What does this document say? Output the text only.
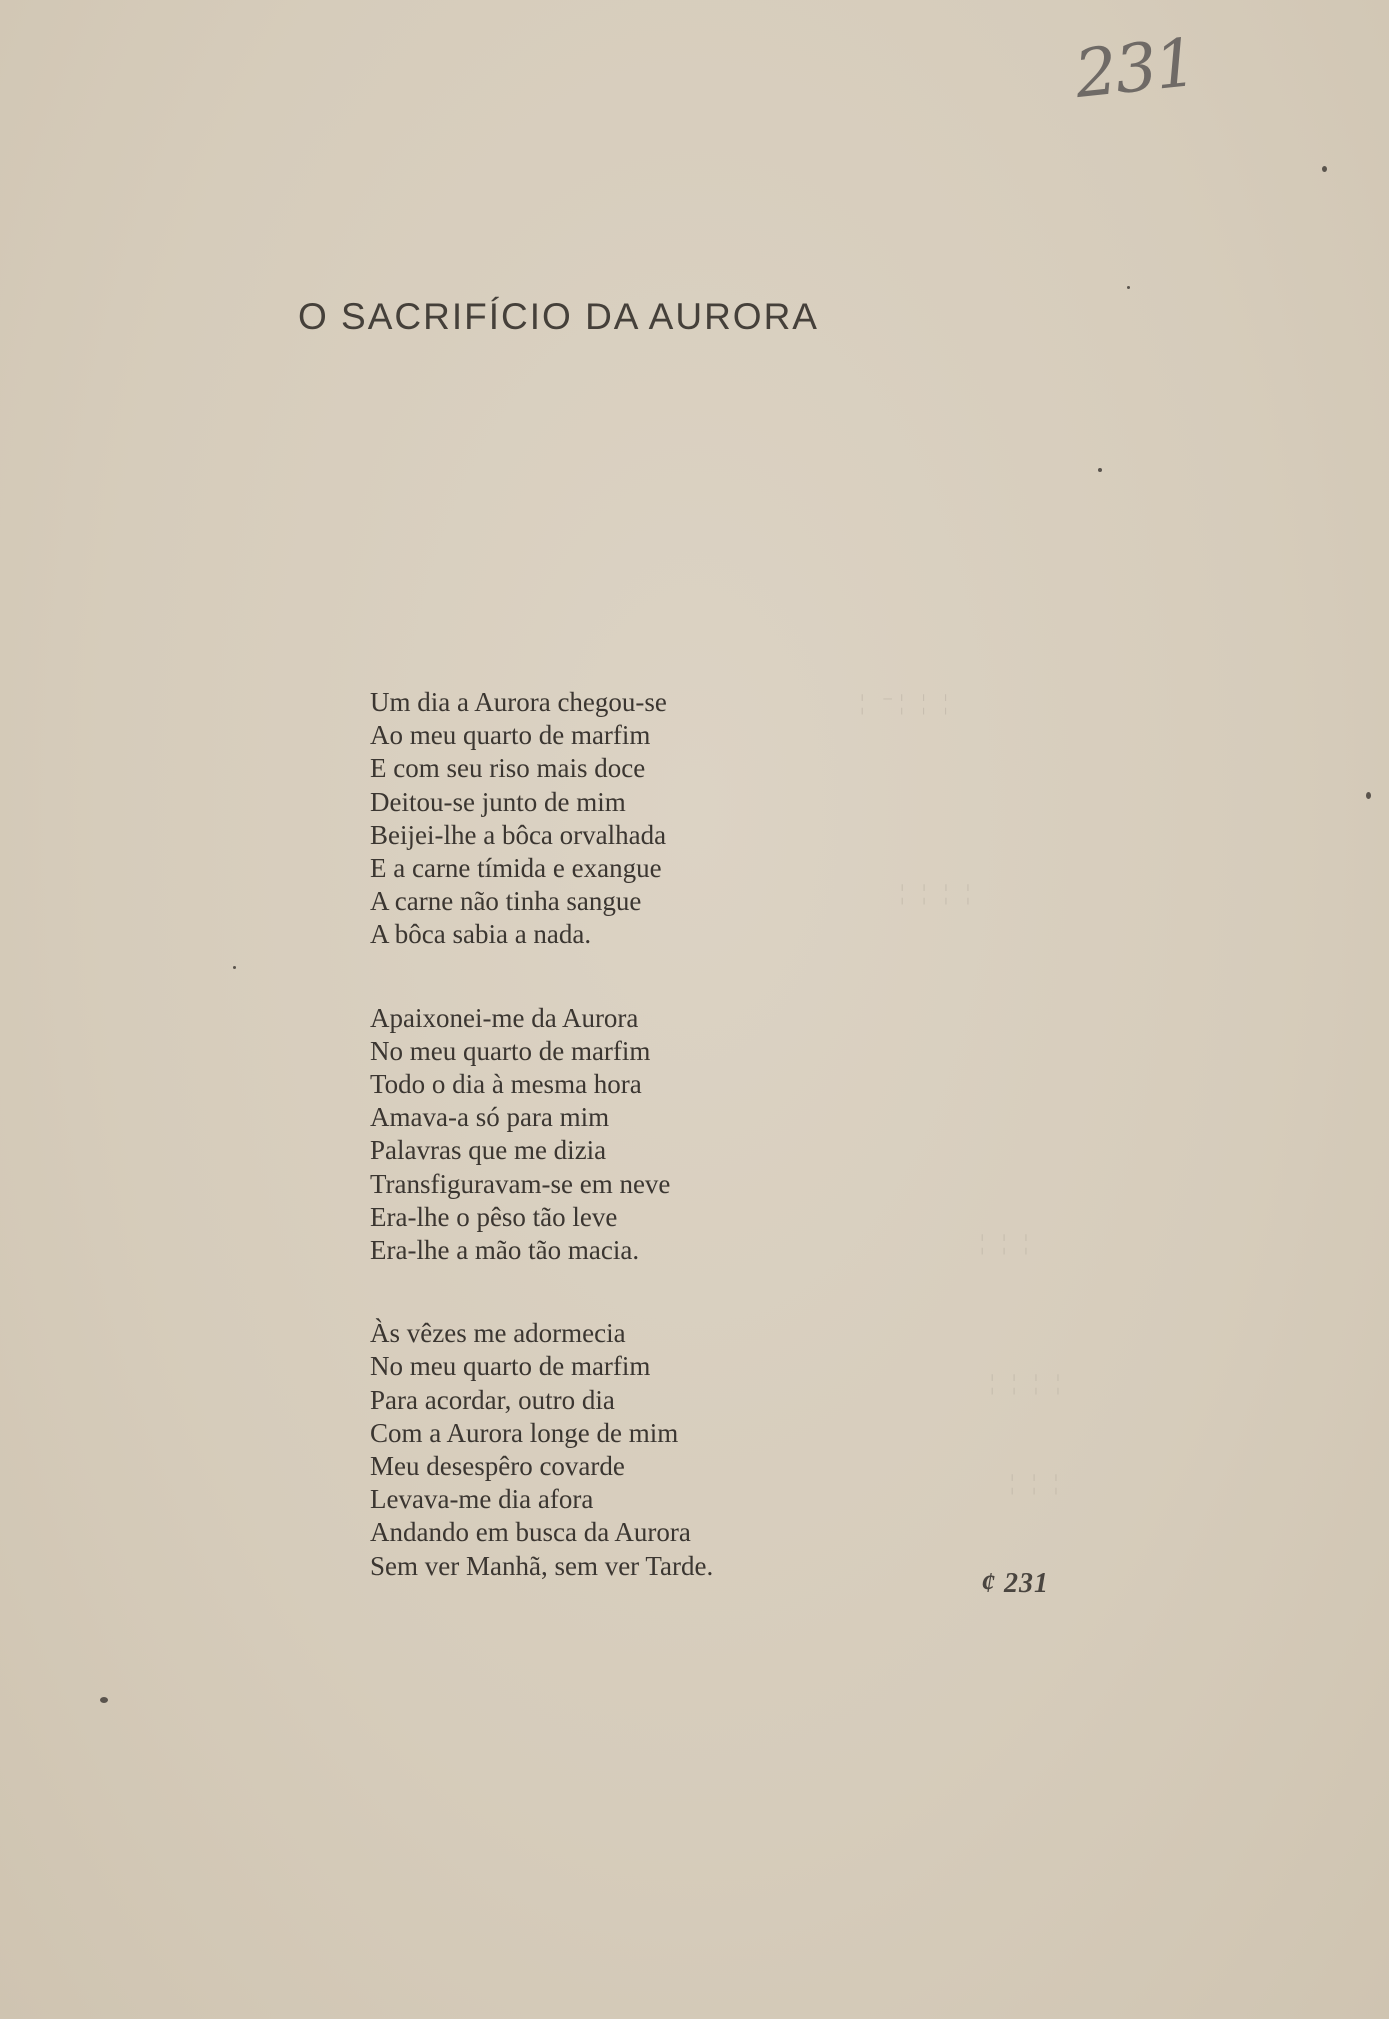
231
O SACRIFÍCIO DA AURORA
Um dia a Aurora chegou-se
Ao meu quarto de marfim
E com seu riso mais doce
Deitou-se junto de mim
Beijei-lhe a bôca orvalhada
E a carne tímida e exangue
A carne não tinha sangue
A bôca sabia a nada.
Apaixonei-me da Aurora
No meu quarto de marfim
Todo o dia à mesma hora
Amava-a só para mim
Palavras que me dizia
Transfiguravam-se em neve
Era-lhe o pêso tão leve
Era-lhe a mão tão macia.
Às vêzes me adormecia
No meu quarto de marfim
Para acordar, outro dia
Com a Aurora longe de mim
Meu desespêro covarde
Levava-me dia afora
Andando em busca da Aurora
Sem ver Manhã, sem ver Tarde.
¢ 231
¦ ⁻¦ ¦ ¦
¦ ¦ ¦ ¦
¦ ¦ ¦
¦ ¦ ¦ ¦
¦ ¦ ¦
